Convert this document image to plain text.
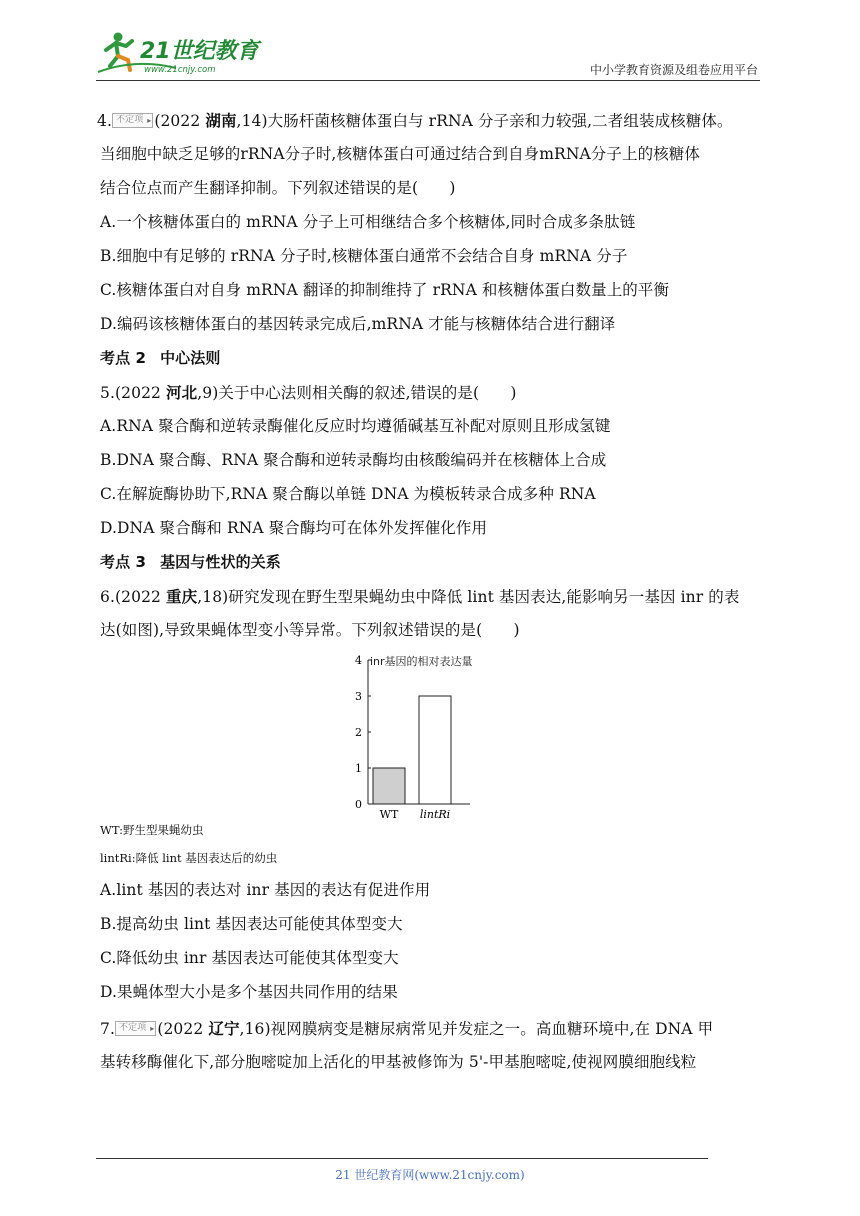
21世纪教育
www.21cnjy.com	中小学教育资源及组卷应用平台
4. 不定项 ▸ (2022 湖南,14)大肠杆菌核糖体蛋白与 rRNA 分子亲和力较强,二者组装成核糖体。
当细胞中缺乏足够的rRNA分子时,核糖体蛋白可通过结合到自身mRNA分子上的核糖体
结合位点而产生翻译抑制。下列叙述错误的是(　　)
A.一个核糖体蛋白的 mRNA 分子上可相继结合多个核糖体,同时合成多条肽链
B.细胞中有足够的 rRNA 分子时,核糖体蛋白通常不会结合自身 mRNA 分子
C.核糖体蛋白对自身 mRNA 翻译的抑制维持了 rRNA 和核糖体蛋白数量上的平衡
D.编码该核糖体蛋白的基因转录完成后,mRNA 才能与核糖体结合进行翻译
考点 2 中心法则
5.(2022 河北,9)关于中心法则相关酶的叙述,错误的是(　　)
A.RNA 聚合酶和逆转录酶催化反应时均遵循碱基互补配对原则且形成氢键
B.DNA 聚合酶、RNA 聚合酶和逆转录酶均由核酸编码并在核糖体上合成
C.在解旋酶协助下,RNA 聚合酶以单链 DNA 为模板转录合成多种 RNA
D.DNA 聚合酶和 RNA 聚合酶均可在体外发挥催化作用
考点 3 基因与性状的关系
6.(2022 重庆,18)研究发现在野生型果蝇幼虫中降低 lint 基因表达,能影响另一基因 inr 的表
达(如图),导致果蝇体型变小等异常。下列叙述错误的是(　　)
inr基因的相对表达量
0
1
2
3
4
WT lintRi
WT:野生型果蝇幼虫
lintRi:降低 lint 基因表达后的幼虫
A.lint 基因的表达对 inr 基因的表达有促进作用
B.提高幼虫 lint 基因表达可能使其体型变大
C.降低幼虫 inr 基因表达可能使其体型变大
D.果蝇体型大小是多个基因共同作用的结果
7. 不定项 ▸ (2022 辽宁,16)视网膜病变是糖尿病常见并发症之一。高血糖环境中,在 DNA 甲
基转移酶催化下,部分胞嘧啶加上活化的甲基被修饰为 5'-甲基胞嘧啶,使视网膜细胞线粒
21 世纪教育网(www.21cnjy.com)
